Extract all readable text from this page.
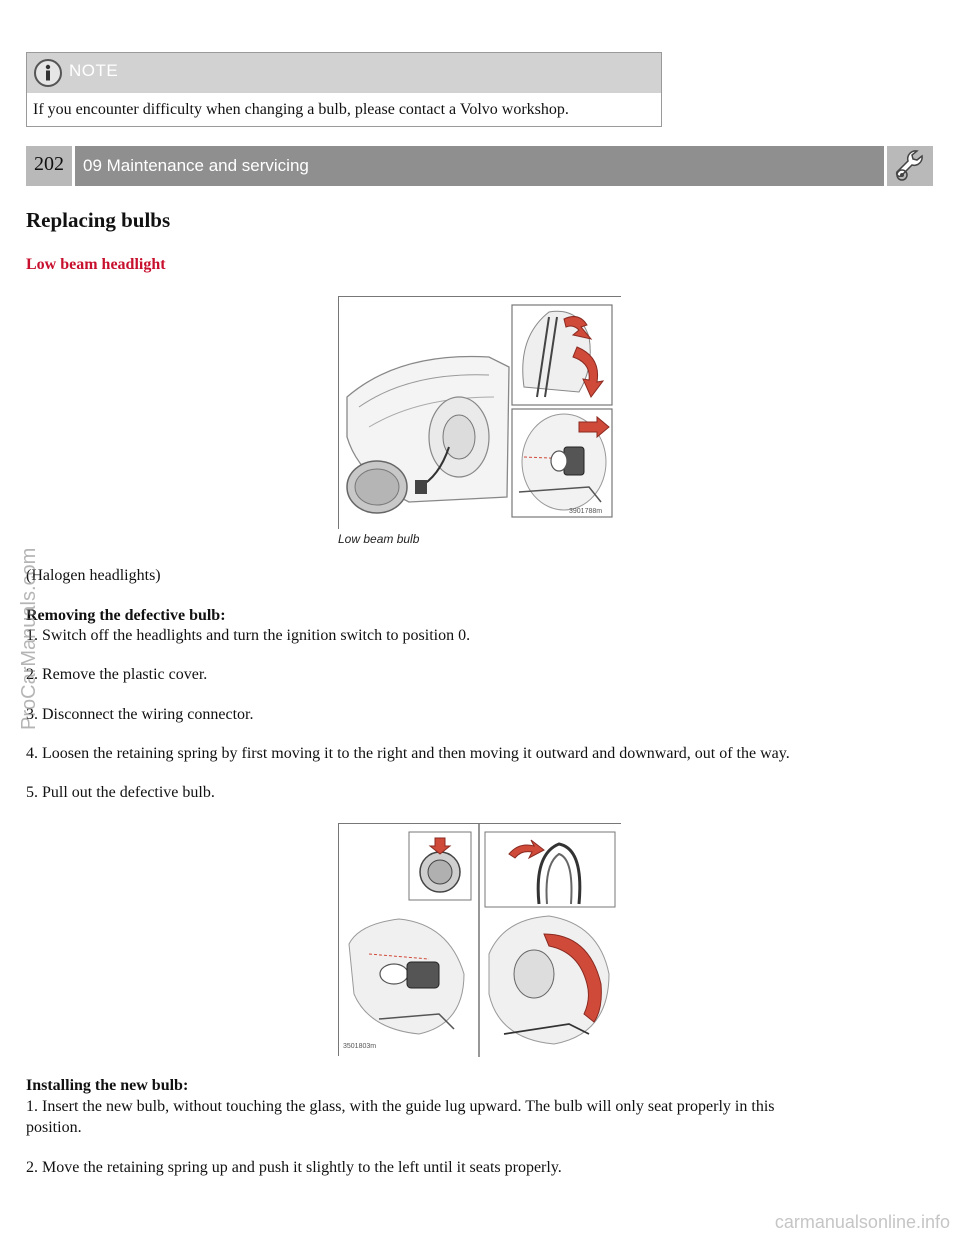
NOTE
If you encounter difficulty when changing a bulb, please contact a Volvo workshop.
202	09 Maintenance and servicing
Replacing bulbs
Low beam headlight
3901788m
Low beam bulb
(Halogen headlights)
Removing the defective bulb:
1. Switch off the headlights and turn the ignition switch to position 0.
2. Remove the plastic cover.
3. Disconnect the wiring connector.
4. Loosen the retaining spring by first moving it to the right and then moving it outward and downward, out of the way.
5. Pull out the defective bulb.
3501803m
Installing the new bulb:
1. Insert the new bulb, without touching the glass, with the guide lug upward. The bulb will only seat properly in this
position.
2. Move the retaining spring up and push it slightly to the left until it seats properly.
ProCarManuals.com
carmanualsonline.info
